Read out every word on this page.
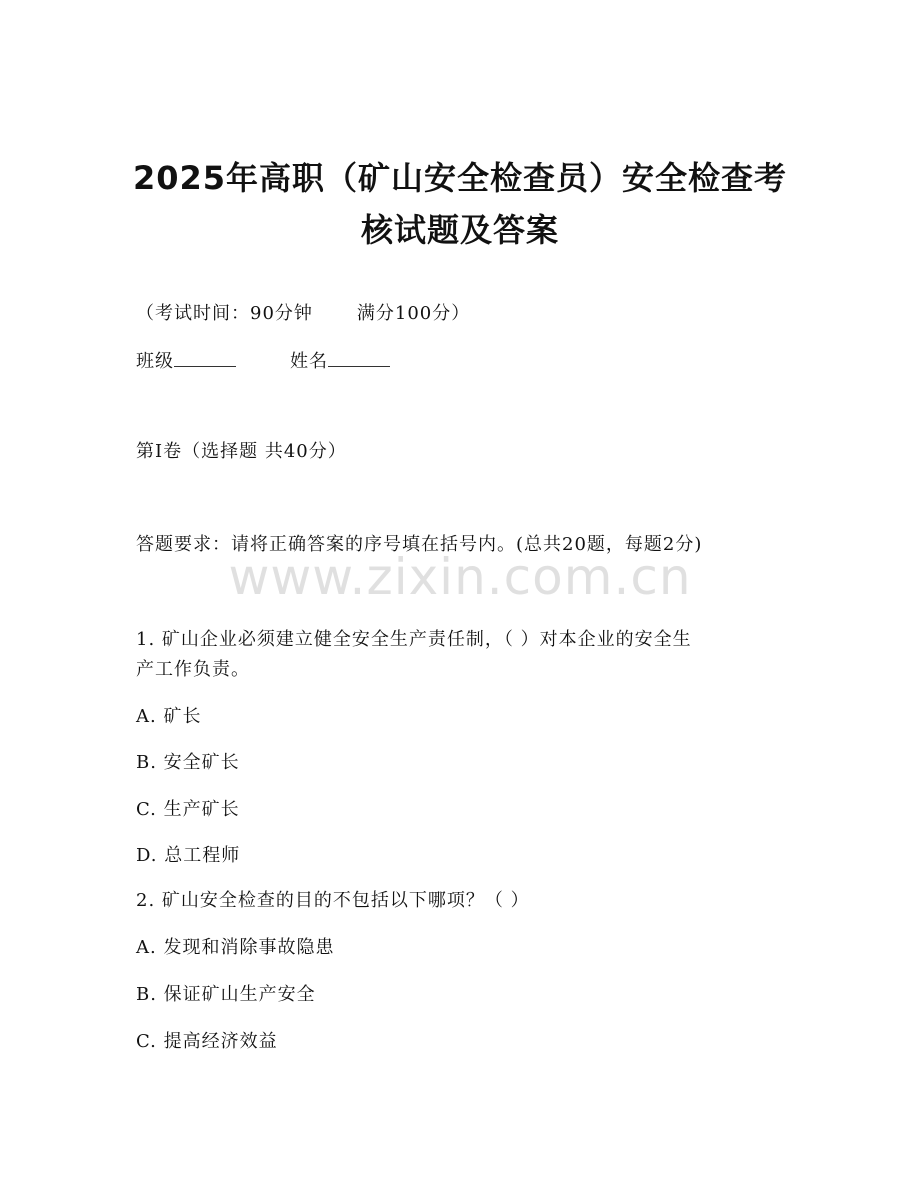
2025年高职（矿山安全检查员）安全检查考
核试题及答案
（考试时间：90分钟 满分100分）
班级	姓名
第Ⅰ卷（选择题 共40分）
答题要求：请将正确答案的序号填在括号内。(总共20题，每题2分)
www.zixin.com.cn
1. 矿山企业必须建立健全安全生产责任制，（ ）对本企业的安全生
产工作负责。
A. 矿长
B. 安全矿长
C. 生产矿长
D. 总工程师
2. 矿山安全检查的目的不包括以下哪项？（ ）
A. 发现和消除事故隐患
B. 保证矿山生产安全
C. 提高经济效益
